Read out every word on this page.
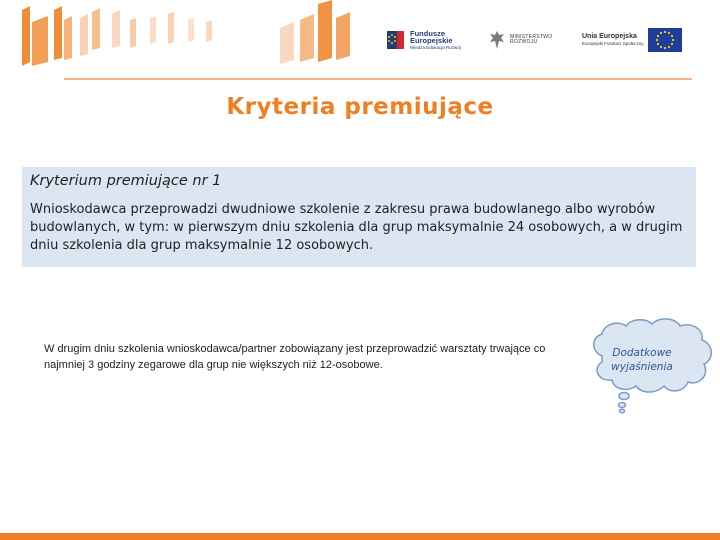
Fundusze
Europejskie
Wiedza Edukacja Rozwój
MINISTERSTWO
ROZWOJU
Unia Europejska
Europejski Fundusz Społeczny
Kryteria premiujące
Kryterium premiujące nr 1
Wnioskodawca przeprowadzi dwudniowe szkolenie z zakresu prawa budowlanego albo wyrobów budowlanych, w tym: w pierwszym dniu szkolenia dla grup maksymalnie 24 osobowych, a w drugim dniu szkolenia dla grup maksymalnie 12 osobowych.
W drugim dniu szkolenia wnioskodawca/partner zobowiązany jest przeprowadzić warsztaty trwające co najmniej 3 godziny zegarowe dla grup nie większych niż 12-osobowe.
Dodatkowe
wyjaśnienia
